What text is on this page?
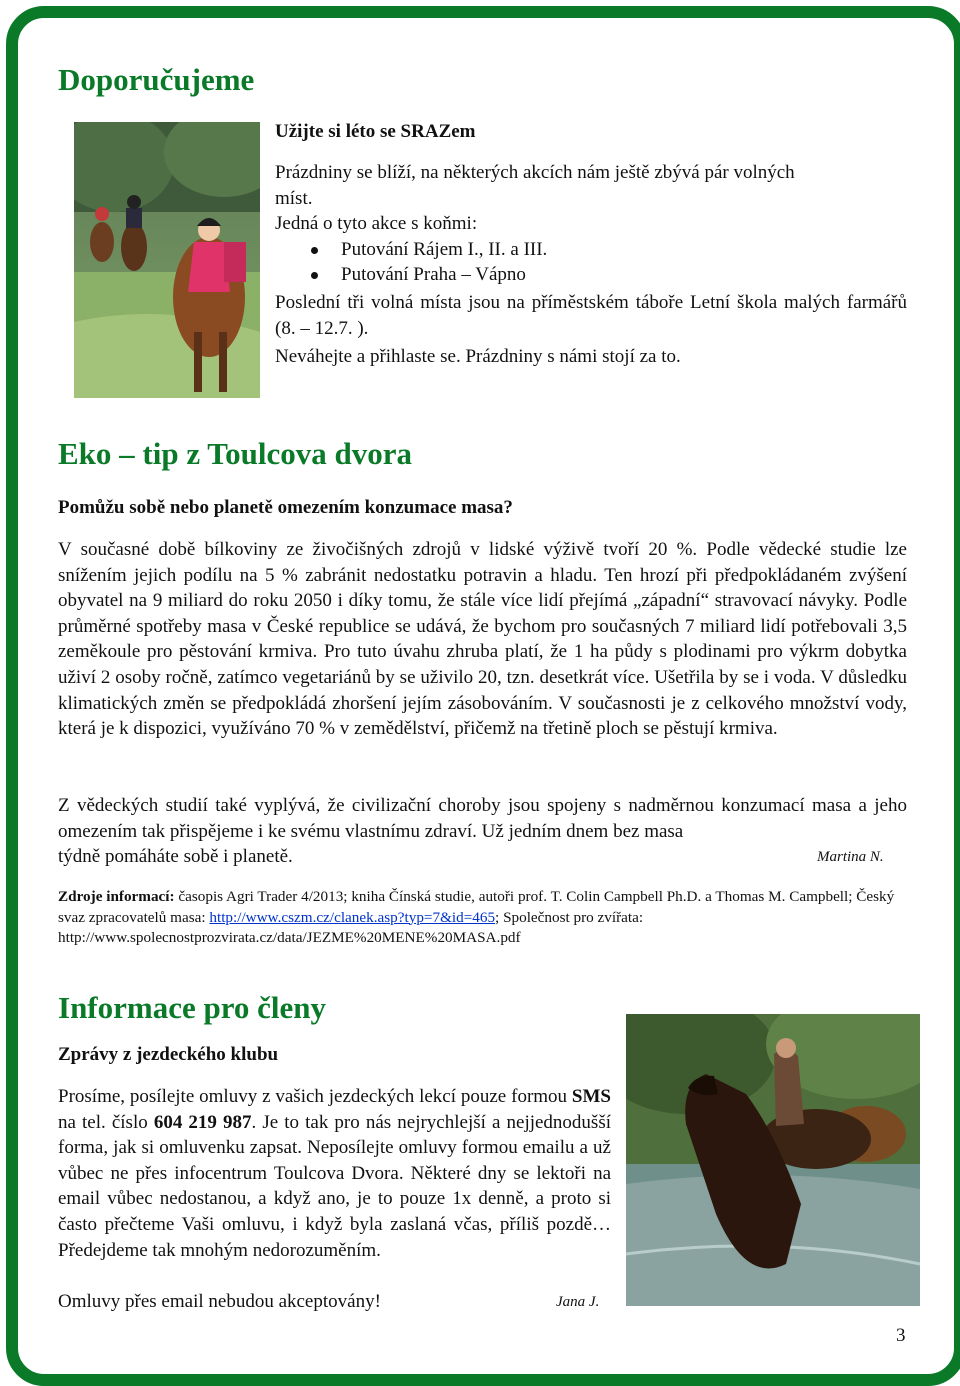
Doporučujeme
Užijte si léto se SRAZem
Prázdniny se blíží, na některých akcích nám ještě zbývá pár volných
míst.
Jedná o tyto akce s koňmi:
Putování Rájem I., II. a III.
Putování Praha – Vápno
Poslední tři volná místa jsou na příměstském táboře Letní škola malých farmářů (8. – 12.7. ).
Neváhejte a přihlaste se. Prázdniny s námi stojí za to.
Eko – tip z Toulcova dvora
Pomůžu sobě nebo planetě omezením konzumace masa?
V současné době bílkoviny ze živočišných zdrojů v lidské výživě tvoří 20 %. Podle vědecké studie lze snížením jejich podílu na 5 % zabránit nedostatku potravin a hladu. Ten hrozí při předpokládaném zvýšení obyvatel na 9 miliard do roku 2050 i díky tomu, že stále více lidí přejímá „západní“ stravovací návyky. Podle průměrné spotřeby masa v České republice se udává, že bychom pro současných 7 miliard lidí potřebovali 3,5 zeměkoule pro pěstování krmiva. Pro tuto úvahu zhruba platí, že 1 ha půdy s plodinami pro výkrm dobytka uživí 2 osoby ročně, zatímco vegetariánů by se uživilo 20, tzn. desetkrát více. Ušetřila by se i voda. V důsledku klimatických změn se předpokládá zhoršení jejím zásobováním. V současnosti je z celkového množství vody, která je k dispozici, využíváno 70 % v zemědělství, přičemž na třetině ploch se pěstují krmiva.
Z vědeckých studií také vyplývá, že civilizační choroby jsou spojeny s nadměrnou konzumací masa a jeho omezením tak přispějeme i ke svému vlastnímu zdraví. Už jedním dnem bez masa
týdně pomáháte sobě i planetě.	Martina N.
Zdroje informací: časopis Agri Trader 4/2013; kniha Čínská studie, autoři prof. T. Colin Campbell Ph.D. a Thomas M. Campbell; Český svaz zpracovatelů masa: http://www.cszm.cz/clanek.asp?typ=7&id=465; Společnost pro zvířata: http://www.spolecnostprozvirata.cz/data/JEZME%20MENE%20MASA.pdf
Informace pro členy
Zprávy z jezdeckého klubu
Prosíme, posílejte omluvy z vašich jezdeckých lekcí pouze formou SMS na tel. číslo 604 219 987. Je to tak pro nás nejrychlejší a nejjednodušší forma, jak si omluvenku zapsat. Neposílejte omluvy formou emailu a už vůbec ne přes infocentrum Toulcova Dvora. Některé dny se lektoři na email vůbec nedostanou, a když ano, je to pouze 1x denně, a proto si často přečteme Vaši omluvu, i když byla zaslaná včas, příliš pozdě…Předejdeme tak mnohým nedorozuměním.
Omluvy přes email nebudou akceptovány!	Jana J.
3
